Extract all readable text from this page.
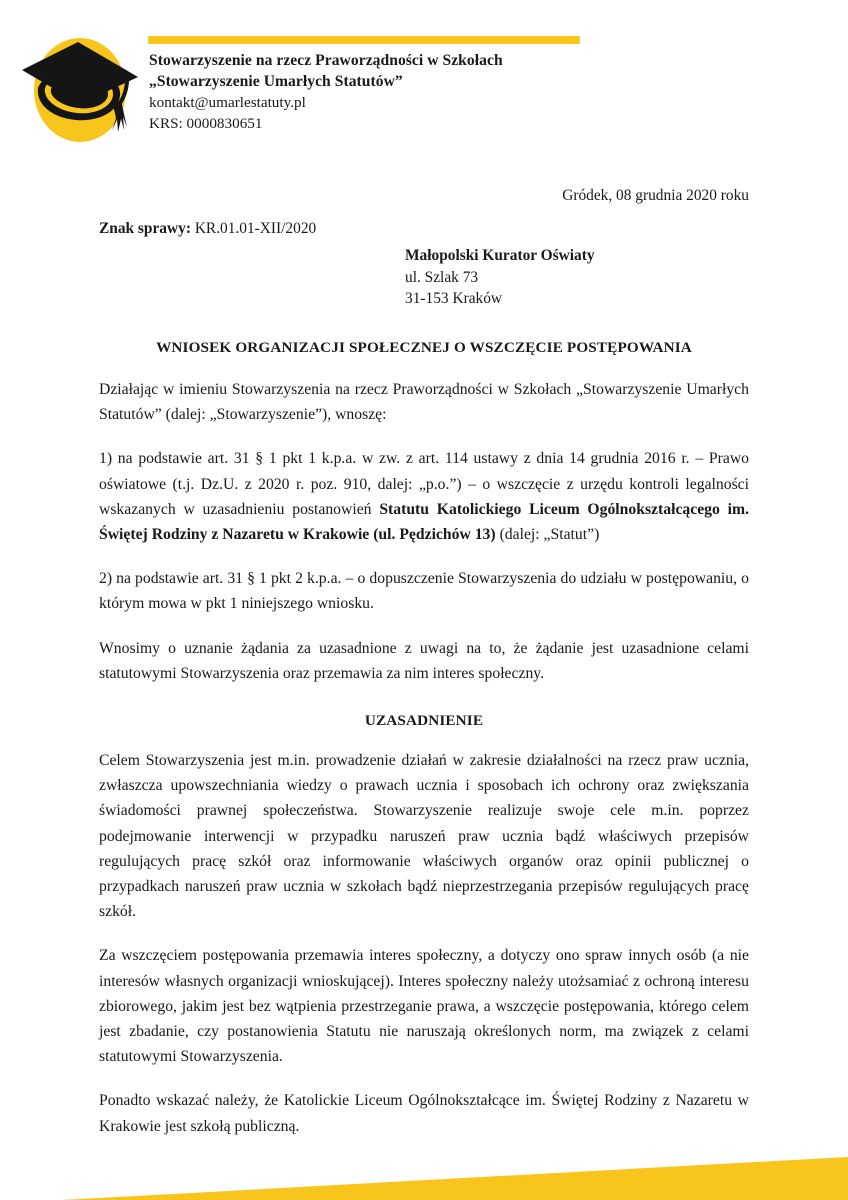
Stowarzyszenie na rzecz Praworządności w Szkołach
„Stowarzyszenie Umarłych Statutów”
kontakt@umarlestatuty.pl
KRS: 0000830651

Gródek, 08 grudnia 2020 roku

Znak sprawy: KR.01.01-XII/2020
Małopolski Kurator Oświaty
ul. Szlak 73
31-153 Kraków
WNIOSEK ORGANIZACJI SPOŁECZNEJ O WSZCZĘCIE POSTĘPOWANIA

Działając w imieniu Stowarzyszenia na rzecz Praworządności w Szkołach „Stowarzyszenie Umarłych Statutów” (dalej: „Stowarzyszenie”), wnoszę:

1) na podstawie art. 31 § 1 pkt 1 k.p.a. w zw. z art. 114 ustawy z dnia 14 grudnia 2016 r. – Prawo oświatowe (t.j. Dz.U. z 2020 r. poz. 910, dalej: „p.o.”) – o wszczęcie z urzędu kontroli legalności wskazanych w uzasadnieniu postanowień Statutu Katolickiego Liceum Ogólnokształcącego im. Świętej Rodziny z Nazaretu w Krakowie (ul. Pędzichów 13) (dalej: „Statut”)

2) na podstawie art. 31 § 1 pkt 2 k.p.a. – o dopuszczenie Stowarzyszenia do udziału w postępowaniu, o którym mowa w pkt 1 niniejszego wniosku.

Wnosimy o uznanie żądania za uzasadnione z uwagi na to, że żądanie jest uzasadnione celami statutowymi Stowarzyszenia oraz przemawia za nim interes społeczny.

UZASADNIENIE

Celem Stowarzyszenia jest m.in. prowadzenie działań w zakresie działalności na rzecz praw ucznia, zwłaszcza upowszechniania wiedzy o prawach ucznia i sposobach ich ochrony oraz zwiększania świadomości prawnej społeczeństwa. Stowarzyszenie realizuje swoje cele m.in. poprzez podejmowanie interwencji w przypadku naruszeń praw ucznia bądź właściwych przepisów regulujących pracę szkół oraz informowanie właściwych organów oraz opinii publicznej o przypadkach naruszeń praw ucznia w szkołach bądź nieprzestrzegania przepisów regulujących pracę szkół.

Za wszczęciem postępowania przemawia interes społeczny, a dotyczy ono spraw innych osób (a nie interesów własnych organizacji wnioskującej). Interes społeczny należy utożsamiać z ochroną interesu zbiorowego, jakim jest bez wątpienia przestrzeganie prawa, a wszczęcie postępowania, którego celem jest zbadanie, czy postanowienia Statutu nie naruszają określonych norm, ma związek z celami statutowymi Stowarzyszenia.

Ponadto wskazać należy, że Katolickie Liceum Ogólnokształcące im. Świętej Rodziny z Nazaretu w Krakowie jest szkołą publiczną.
